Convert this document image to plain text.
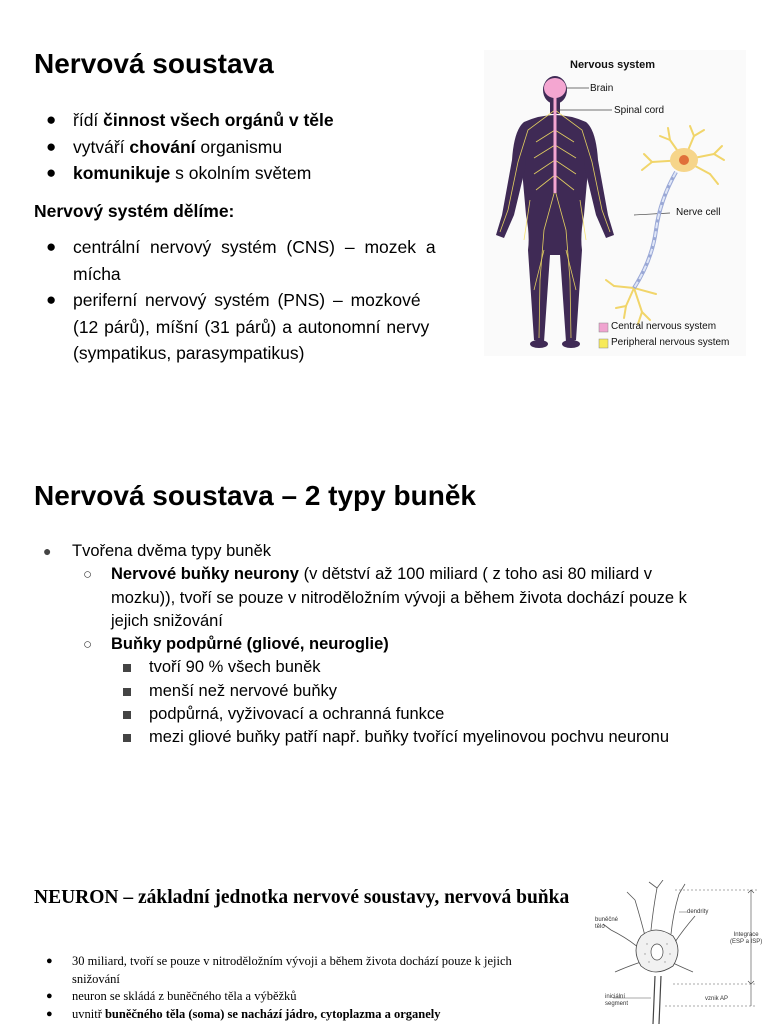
Nervová soustava
● řídí činnost všech orgánů v těle
● vytváří chování organismu
● komunikuje s okolním světem
Nervový systém dělíme:
● centrální nervový systém (CNS) – mozek a
mícha
● periferní nervový systém (PNS) – mozkové
(12 párů), míšní (31 párů) a autonomní nervy
(sympatikus, parasympatikus)
Nervous system
Brain
Spinal cord
Nerve cell
Central nervous system
Peripheral nervous system
Nervová soustava – 2 typy buněk
● Tvořena dvěma typy buněk
○ Nervové buňky neurony (v dětství až 100 miliard ( z toho asi 80 miliard v
mozku)), tvoří se pouze v nitroděložním vývoji a během života dochází pouze k
jejich snižování
○ Buňky podpůrné (gliové, neuroglie)
tvoří 90 % všech buněk
menší než nervové buňky
podpůrná, vyživovací a ochranná funkce
mezi gliové buňky patří např. buňky tvořící myelinovou pochvu neuronu
NEURON – základní jednotka nervové soustavy, nervová buňka
● 30 miliard, tvoří se pouze v nitroděložním vývoji a během života dochází pouze k jejich
snižování
● neuron se skládá z buněčného těla a výběžků
● uvnitř buněčného těla (soma) se nachází jádro, cytoplazma a organely
dendrity
buněčné
tělo
Integrace
(ESP a ISP)
iniciální
segment
vznik AP
